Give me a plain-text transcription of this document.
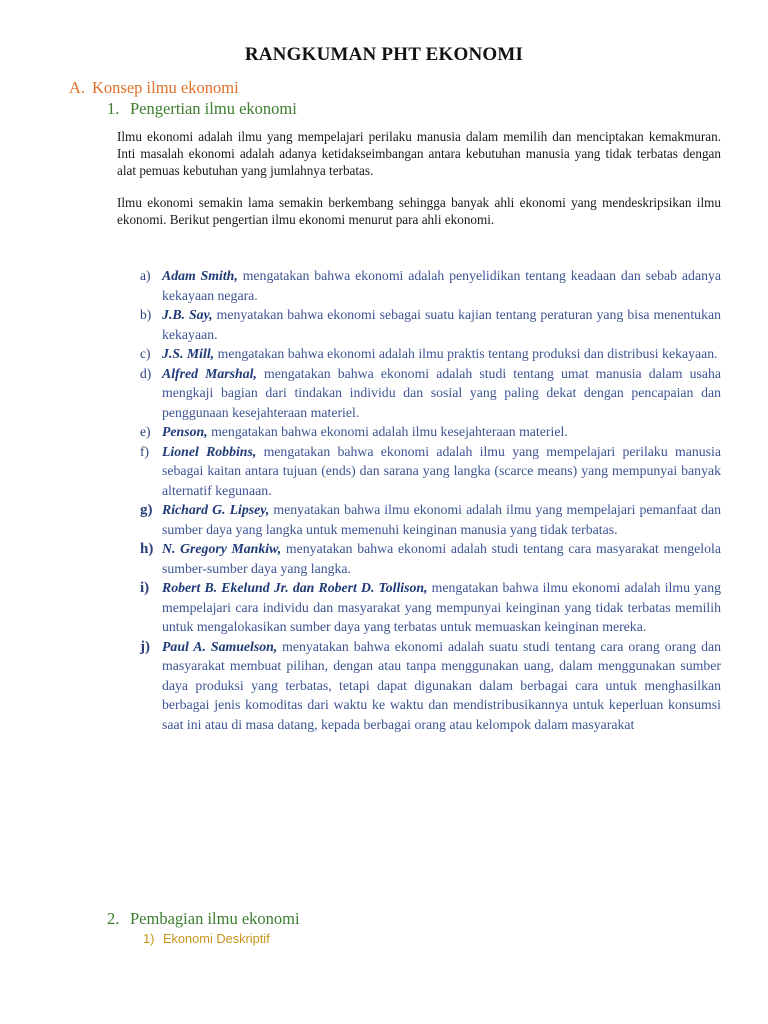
RANGKUMAN PHT EKONOMI
A. Konsep ilmu ekonomi
1. Pengertian ilmu ekonomi
Ilmu ekonomi adalah ilmu yang mempelajari perilaku manusia dalam memilih dan menciptakan kemakmuran. Inti masalah ekonomi adalah adanya ketidakseimbangan antara kebutuhan manusia yang tidak terbatas dengan alat pemuas kebutuhan yang jumlahnya terbatas.
Ilmu ekonomi semakin lama semakin berkembang sehingga banyak ahli ekonomi yang mendeskripsikan ilmu ekonomi. Berikut pengertian ilmu ekonomi menurut para ahli ekonomi.
a) Adam Smith, mengatakan bahwa ekonomi adalah penyelidikan tentang keadaan dan sebab adanya kekayaan negara.
b) J.B. Say, menyatakan bahwa ekonomi sebagai suatu kajian tentang peraturan yang bisa menentukan kekayaan.
c) J.S. Mill, mengatakan bahwa ekonomi adalah ilmu praktis tentang produksi dan distribusi kekayaan.
d) Alfred Marshal, mengatakan bahwa ekonomi adalah studi tentang umat manusia dalam usaha mengkaji bagian dari tindakan individu dan sosial yang paling dekat dengan pencapaian dan penggunaan kesejahteraan materiel.
e) Penson, mengatakan bahwa ekonomi adalah ilmu kesejahteraan materiel.
f) Lionel Robbins, mengatakan bahwa ekonomi adalah ilmu yang mempelajari perilaku manusia sebagai kaitan antara tujuan (ends) dan sarana yang langka (scarce means) yang mempunyai banyak alternatif kegunaan.
g) Richard G. Lipsey, menyatakan bahwa ilmu ekonomi adalah ilmu yang mempelajari pemanfaat dan sumber daya yang langka untuk memenuhi keinginan manusia yang tidak terbatas.
h) N. Gregory Mankiw, menyatakan bahwa ekonomi adalah studi tentang cara masyarakat mengelola sumber-sumber daya yang langka.
i) Robert B. Ekelund Jr. dan Robert D. Tollison, mengatakan bahwa ilmu ekonomi adalah ilmu yang mempelajari cara individu dan masyarakat yang mempunyai keinginan yang tidak terbatas memilih untuk mengalokasikan sumber daya yang terbatas untuk memuaskan keinginan mereka.
j) Paul A. Samuelson, menyatakan bahwa ekonomi adalah suatu studi tentang cara orang orang dan masyarakat membuat pilihan, dengan atau tanpa menggunakan uang, dalam menggunakan sumber daya produksi yang terbatas, tetapi dapat digunakan dalam berbagai cara untuk menghasilkan berbagai jenis komoditas dari waktu ke waktu dan mendistribusikannya untuk keperluan konsumsi saat ini atau di masa datang, kepada berbagai orang atau kelompok dalam masyarakat
2. Pembagian ilmu ekonomi
1) Ekonomi Deskriptif
